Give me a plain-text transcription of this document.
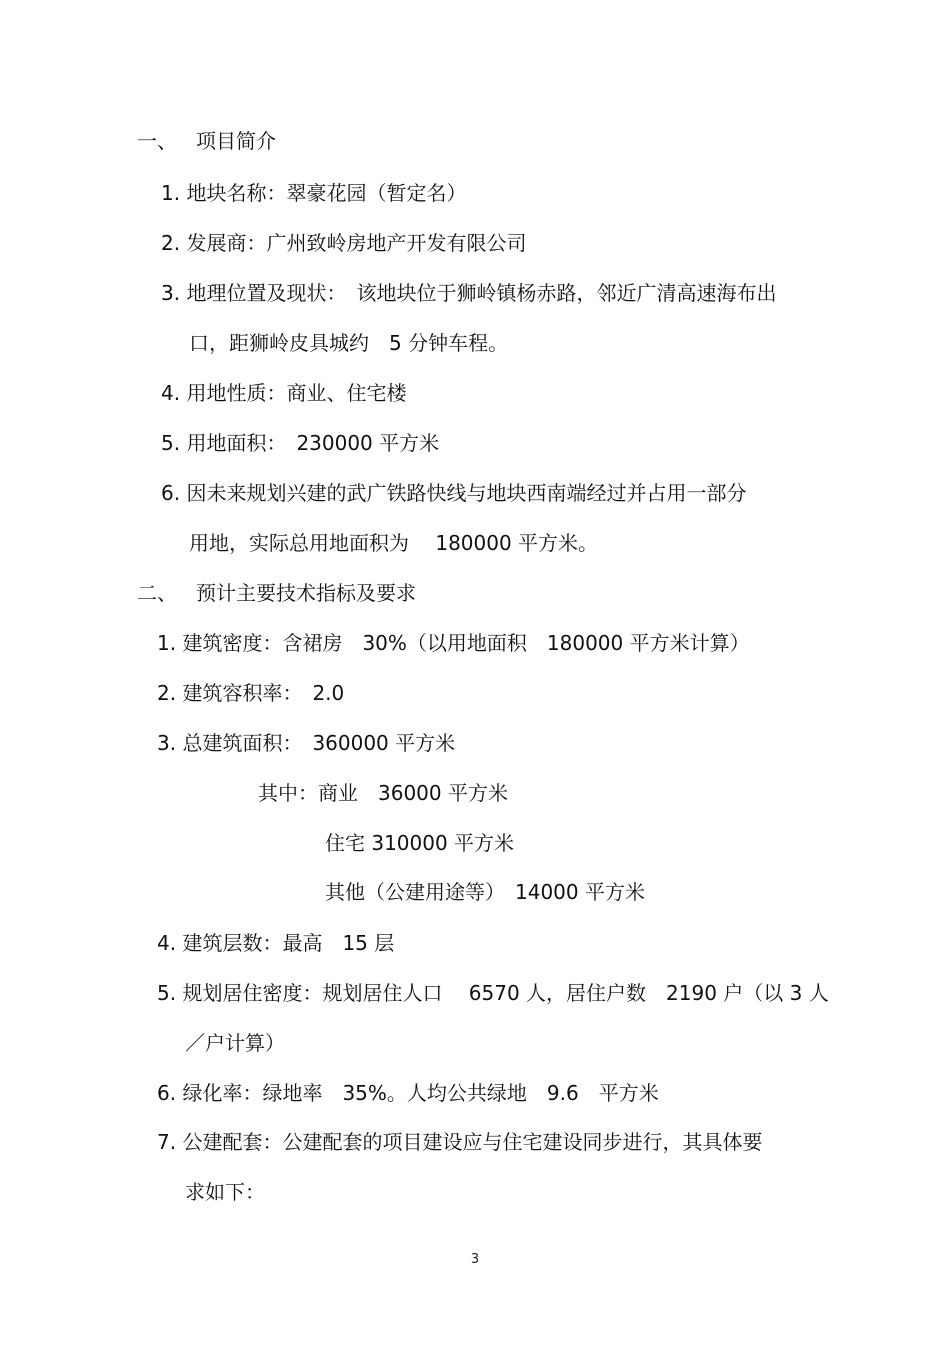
一、 项目简介
1. 地块名称：翠豪花园（暂定名）
2. 发展商：广州致岭房地产开发有限公司
3. 地理位置及现状：　该地块位于狮岭镇杨赤路，邻近广清高速海布出
口，距狮岭皮具城约　5 分钟车程。
4. 用地性质：商业、住宅楼
5. 用地面积：　230000 平方米
6. 因未来规划兴建的武广铁路快线与地块西南端经过并占用一部分
用地，实际总用地面积为　 180000 平方米。
二、 预计主要技术指标及要求
1. 建筑密度：含裙房　30%（以用地面积　180000 平方米计算）
2. 建筑容积率：　2.0
3. 总建筑面积：　360000 平方米
其中：商业　36000 平方米
住宅 310000 平方米
其他（公建用途等）　14000 平方米
4. 建筑层数：最高　15 层
5. 规划居住密度：规划居住人口　 6570 人，居住户数　2190 户（以 3 人
／户计算）
6. 绿化率：绿地率　35%。人均公共绿地　9.6　平方米
7. 公建配套：公建配套的项目建设应与住宅建设同步进行，其具体要
求如下：
3
